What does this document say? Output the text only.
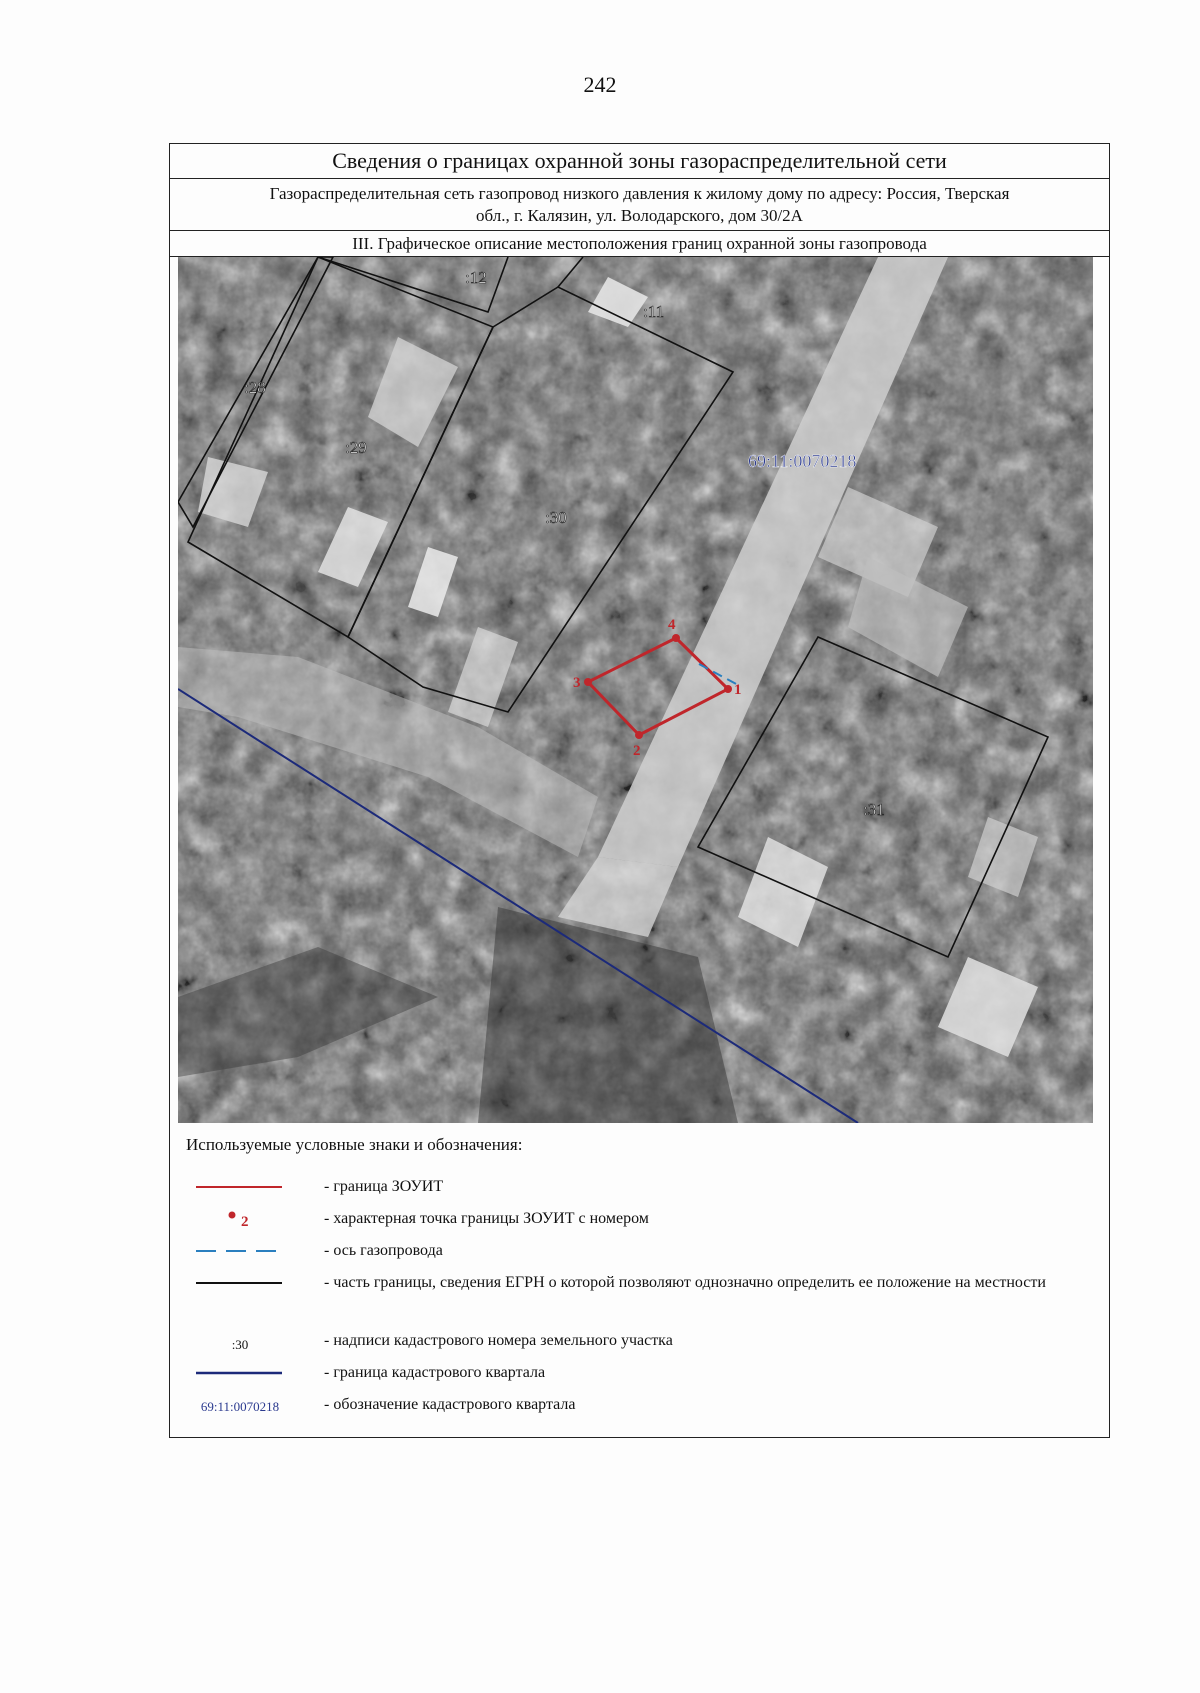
242
Сведения о границах охранной зоны газораспределительной сети
Газораспределительная сеть газопровод низкого давления к жилому дому по адресу: Россия, Тверская
обл., г. Калязин, ул. Володарского, дом 30/2А
III. Графическое описание местоположения границ охранной зоны газопровода
1
2
3
4
:12
:11
:28
:29
:30
:31
69:11:0070218
Используемые условные знаки и обозначения:
- граница ЗОУИТ
2	- характерная точка границы ЗОУИТ с номером
- ось газопровода
- часть границы, сведения ЕГРН о которой позволяют однозначно определить ее положение на местности
:30	- надписи кадастрового номера земельного участка
- граница кадастрового квартала
69:11:0070218	- обозначение кадастрового квартала
